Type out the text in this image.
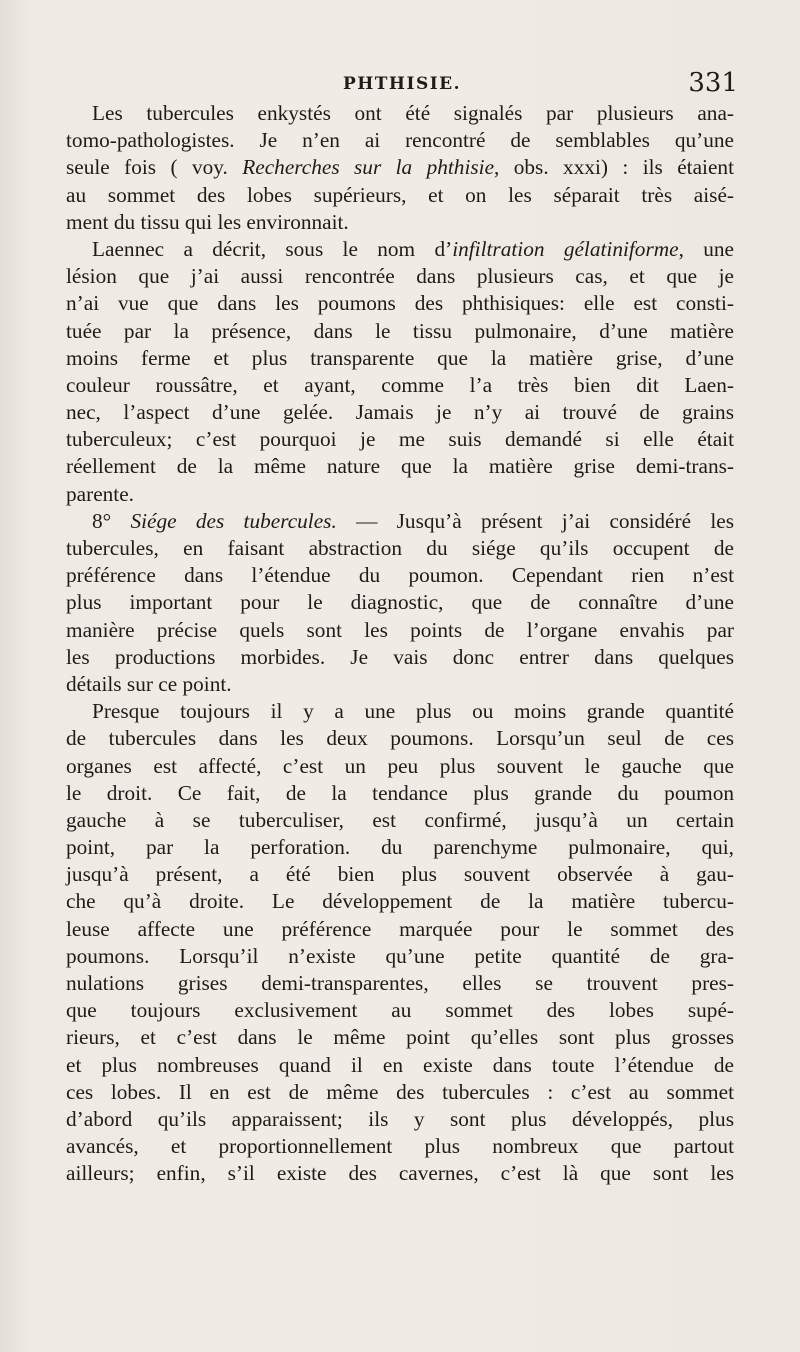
PHTHISIE.	331
Les tubercules enkystés ont été signalés par plusieurs ana-
tomo-pathologistes. Je n’en ai rencontré de semblables qu’une
seule fois ( voy. Recherches sur la phthisie, obs. xxxi) : ils étaient
au sommet des lobes supérieurs, et on les séparait très aisé-
ment du tissu qui les environnait.
Laennec a décrit, sous le nom d’infiltration gélatiniforme, une
lésion que j’ai aussi rencontrée dans plusieurs cas, et que je
n’ai vue que dans les poumons des phthisiques: elle est consti-
tuée par la présence, dans le tissu pulmonaire, d’une matière
moins ferme et plus transparente que la matière grise, d’une
couleur roussâtre, et ayant, comme l’a très bien dit Laen-
nec, l’aspect d’une gelée. Jamais je n’y ai trouvé de grains
tuberculeux; c’est pourquoi je me suis demandé si elle était
réellement de la même nature que la matière grise demi-trans-
parente.
8° Siége des tubercules. — Jusqu’à présent j’ai considéré les
tubercules, en faisant abstraction du siége qu’ils occupent de
préférence dans l’étendue du poumon. Cependant rien n’est
plus important pour le diagnostic, que de connaître d’une
manière précise quels sont les points de l’organe envahis par
les productions morbides. Je vais donc entrer dans quelques
détails sur ce point.
Presque toujours il y a une plus ou moins grande quantité
de tubercules dans les deux poumons. Lorsqu’un seul de ces
organes est affecté, c’est un peu plus souvent le gauche que
le droit. Ce fait, de la tendance plus grande du poumon
gauche à se tuberculiser, est confirmé, jusqu’à un certain
point, par la perforation. du parenchyme pulmonaire, qui,
jusqu’à présent, a été bien plus souvent observée à gau-
che qu’à droite. Le développement de la matière tubercu-
leuse affecte une préférence marquée pour le sommet des
poumons. Lorsqu’il n’existe qu’une petite quantité de gra-
nulations grises demi-transparentes, elles se trouvent pres-
que toujours exclusivement au sommet des lobes supé-
rieurs, et c’est dans le même point qu’elles sont plus grosses
et plus nombreuses quand il en existe dans toute l’étendue de
ces lobes. Il en est de même des tubercules : c’est au sommet
d’abord qu’ils apparaissent; ils y sont plus développés, plus
avancés, et proportionnellement plus nombreux que partout
ailleurs; enfin, s’il existe des cavernes, c’est là que sont les
